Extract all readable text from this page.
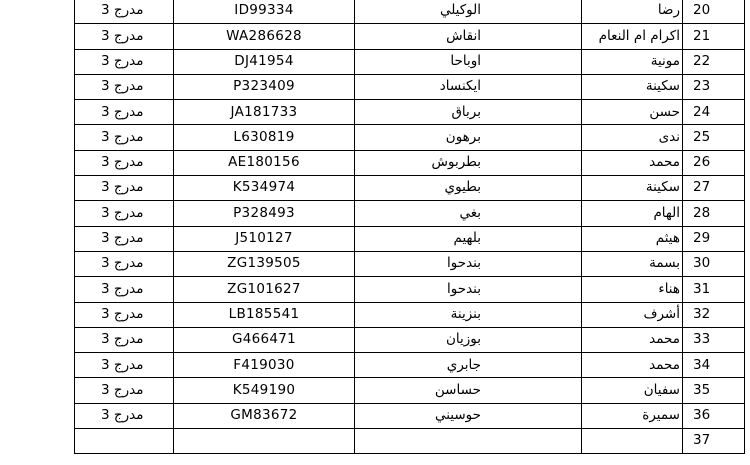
مدرج 3	ID99334	الوكيلي	رضا	20
مدرج 3	WA286628	انقاش	اكرام ام النعام	21
مدرج 3	DJ41954	اوباحا	مونية	22
مدرج 3	P323409	ايكنساد	سكينة	23
مدرج 3	JA181733	برباق	حسن	24
مدرج 3	L630819	برهون	ندى	25
مدرج 3	AE180156	بطربوش	محمد	26
مدرج 3	K534974	بطيوي	سكينة	27
مدرج 3	P328493	بغي	الهام	28
مدرج 3	J510127	بلهيم	هيثم	29
مدرج 3	ZG139505	بندحوا	بسمة	30
مدرج 3	ZG101627	بندحوا	هناء	31
مدرج 3	LB185541	بنزينة	أشرف	32
مدرج 3	G466471	بوزيان	محمد	33
مدرج 3	F419030	جابري	محمد	34
مدرج 3	K549190	حساسن	سفيان	35
مدرج 3	GM83672	حوسيني	سميرة	36
				37
